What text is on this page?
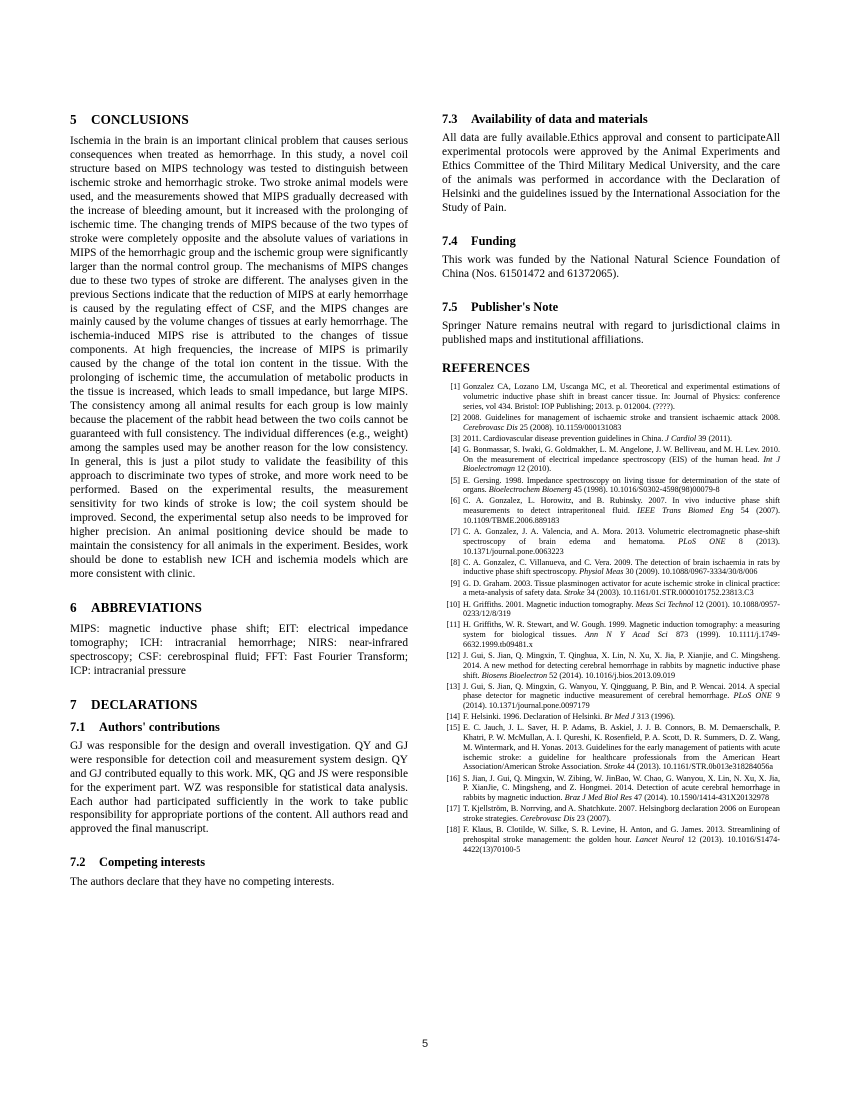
5 CONCLUSIONS

Ischemia in the brain is an important clinical problem that causes serious consequences when treated as hemorrhage. In this study, a novel coil structure based on MIPS technology was tested to distinguish between ischemic stroke and hemorrhagic stroke. Two stroke animal models were used, and the measurements showed that MIPS gradually decreased with the increase of bleeding amount, but it increased with the prolonging of ischemic time. The changing trends of MIPS because of the two types of stroke were completely opposite and the absolute values of variations in MIPS of the hemorrhagic group and the ischemic group were significantly larger than the normal control group. The mechanisms of MIPS changes due to these two types of stroke are different. The analyses given in the previous Sections indicate that the reduction of MIPS at early hemorrhage is caused by the regulating effect of CSF, and the MIPS changes are mainly caused by the volume changes of tissues at early hemorrhage. The ischemia-induced MIPS rise is attributed to the changes of tissue components. At high frequencies, the increase of MIPS is primarily caused by the change of the total ion content in the tissue. With the prolonging of ischemic time, the accumulation of metabolic products in the tissue is increased, which leads to small impedance, but large MIPS. The consistency among all animal results for each group is low mainly because the placement of the rabbit head between the two coils cannot be guaranteed with full consistency. The individual differences (e.g., weight) among the samples used may be another reason for the low consistency. In general, this is just a pilot study to validate the feasibility of this approach to discriminate two types of stroke, and more work need to be performed. Based on the experimental results, the measurement sensitivity for two kinds of stroke is low; the coil system should be improved. Second, the experimental setup also needs to be improved for higher precision. An animal positioning device should be made to maintain the consistency for all animals in the experiment. Besides, work should be done to establish new ICH and ischemia models which are more consistent with clinic.

6 ABBREVIATIONS

MIPS: magnetic inductive phase shift; EIT: electrical impedance tomography; ICH: intracranial hemorrhage; NIRS: near-infrared spectroscopy; CSF: cerebrospinal fluid; FFT: Fast Fourier Transform; ICP: intracranial pressure

7 DECLARATIONS
7.1 Authors' contributions

GJ was responsible for the design and overall investigation. QY and GJ were responsible for detection coil and measurement system design. QY and GJ contributed equally to this work. MK, QG and JS were responsible for the experiment part. WZ was responsible for statistical data analysis. Each author had participated sufficiently in the work to take public responsibility for appropriate portions of the content. All authors read and approved the final manuscript.

7.2 Competing interests

The authors declare that they have no competing interests.

7.3 Availability of data and materials

All data are fully available.Ethics approval and consent to participateAll experimental protocols were approved by the Animal Experiments and Ethics Committee of the Third Military Medical University, and the care of the animals was performed in accordance with the Declaration of Helsinki and the guidelines issued by the International Association for the Study of Pain.

7.4 Funding

This work was funded by the National Natural Science Foundation of China (Nos. 61501472 and 61372065).

7.5 Publisher's Note

Springer Nature remains neutral with regard to jurisdictional claims in published maps and institutional affiliations.

REFERENCES
[1] Gonzalez CA, Lozano LM, Uscanga MC, et al. Theoretical and experimental estimations of volumetric inductive phase shift in breast cancer tissue. In: Journal of Physics: conference series, vol 434. Bristol: IOP Publishing; 2013. p. 012004. (????).
[2] 2008. Guidelines for management of ischaemic stroke and transient ischaemic attack 2008. Cerebrovasc Dis 25 (2008). 10.1159/000131083
[3] 2011. Cardiovascular disease prevention guidelines in China. J Cardiol 39 (2011).
[4] G. Bonmassar, S. Iwaki, G. Goldmakher, L. M. Angelone, J. W. Belliveau, and M. H. Lev. 2010. On the measurement of electrical impedance spectroscopy (EIS) of the human head. Int J Bioelectromagn 12 (2010).
[5] E. Gersing. 1998. Impedance spectroscopy on living tissue for determination of the state of organs. Bioelectrochem Bioenerg 45 (1998). 10.1016/S0302-4598(98)00079-8
[6] C. A. Gonzalez, L. Horowitz, and B. Rubinsky. 2007. In vivo inductive phase shift measurements to detect intraperitoneal fluid. IEEE Trans Biomed Eng 54 (2007). 10.1109/TBME.2006.889183
[7] C. A. Gonzalez, J. A. Valencia, and A. Mora. 2013. Volumetric electromagnetic phase-shift spectroscopy of brain edema and hematoma. PLoS ONE 8 (2013). 10.1371/journal.pone.0063223
[8] C. A. Gonzalez, C. Villanueva, and C. Vera. 2009. The detection of brain ischaemia in rats by inductive phase shift spectroscopy. Physiol Meas 30 (2009). 10.1088/0967-3334/30/8/006
[9] G. D. Graham. 2003. Tissue plasminogen activator for acute ischemic stroke in clinical practice: a meta-analysis of safety data. Stroke 34 (2003). 10.1161/01.STR.0000101752.23813.C3
[10] H. Griffiths. 2001. Magnetic induction tomography. Meas Sci Technol 12 (2001). 10.1088/0957-0233/12/8/319
[11] H. Griffiths, W. R. Stewart, and W. Gough. 1999. Magnetic induction tomography: a measuring system for biological tissues. Ann N Y Acad Sci 873 (1999). 10.1111/j.1749-6632.1999.tb09481.x
[12] J. Gui, S. Jian, Q. Mingxin, T. Qinghua, X. Lin, N. Xu, X. Jia, P. Xianjie, and C. Mingsheng. 2014. A new method for detecting cerebral hemorrhage in rabbits by magnetic inductive phase shift. Biosens Bioelectron 52 (2014). 10.1016/j.bios.2013.09.019
[13] J. Gui, S. Jian, Q. Mingxin, G. Wanyou, Y. Qingguang, P. Bin, and P. Wencai. 2014. A special phase detector for magnetic inductive measurement of cerebral hemorrhage. PLoS ONE 9 (2014). 10.1371/journal.pone.0097179
[14] F. Helsinki. 1996. Declaration of Helsinki. Br Med J 313 (1996).
[15] E. C. Jauch, J. L. Saver, H. P. Adams, B. Askiel, J. J. B. Connors, B. M. Demaerschalk, P. Khatri, P. W. McMullan, A. I. Qureshi, K. Rosenfield, P. A. Scott, D. R. Summers, D. Z. Wang, M. Wintermark, and H. Yonas. 2013. Guidelines for the early management of patients with acute ischemic stroke: a guideline for healthcare professionals from the American Heart Association/American Stroke Association. Stroke 44 (2013). 10.1161/STR.0b013e318284056a
[16] S. Jian, J. Gui, Q. Mingxin, W. Zibing, W. JinBao, W. Chao, G. Wanyou, X. Lin, N. Xu, X. Jia, P. XianJie, C. Mingsheng, and Z. Hongmei. 2014. Detection of acute cerebral hemorrhage in rabbits by magnetic induction. Braz J Med Biol Res 47 (2014). 10.1590/1414-431X20132978
[17] T. Kjellström, B. Norrving, and A. Shatchkute. 2007. Helsingborg declaration 2006 on European stroke strategies. Cerebrovasc Dis 23 (2007).
[18] F. Klaus, B. Clotilde, W. Silke, S. R. Levine, H. Anton, and G. James. 2013. Streamlining of prehospital stroke management: the golden hour. Lancet Neurol 12 (2013). 10.1016/S1474-4422(13)70100-5
5
